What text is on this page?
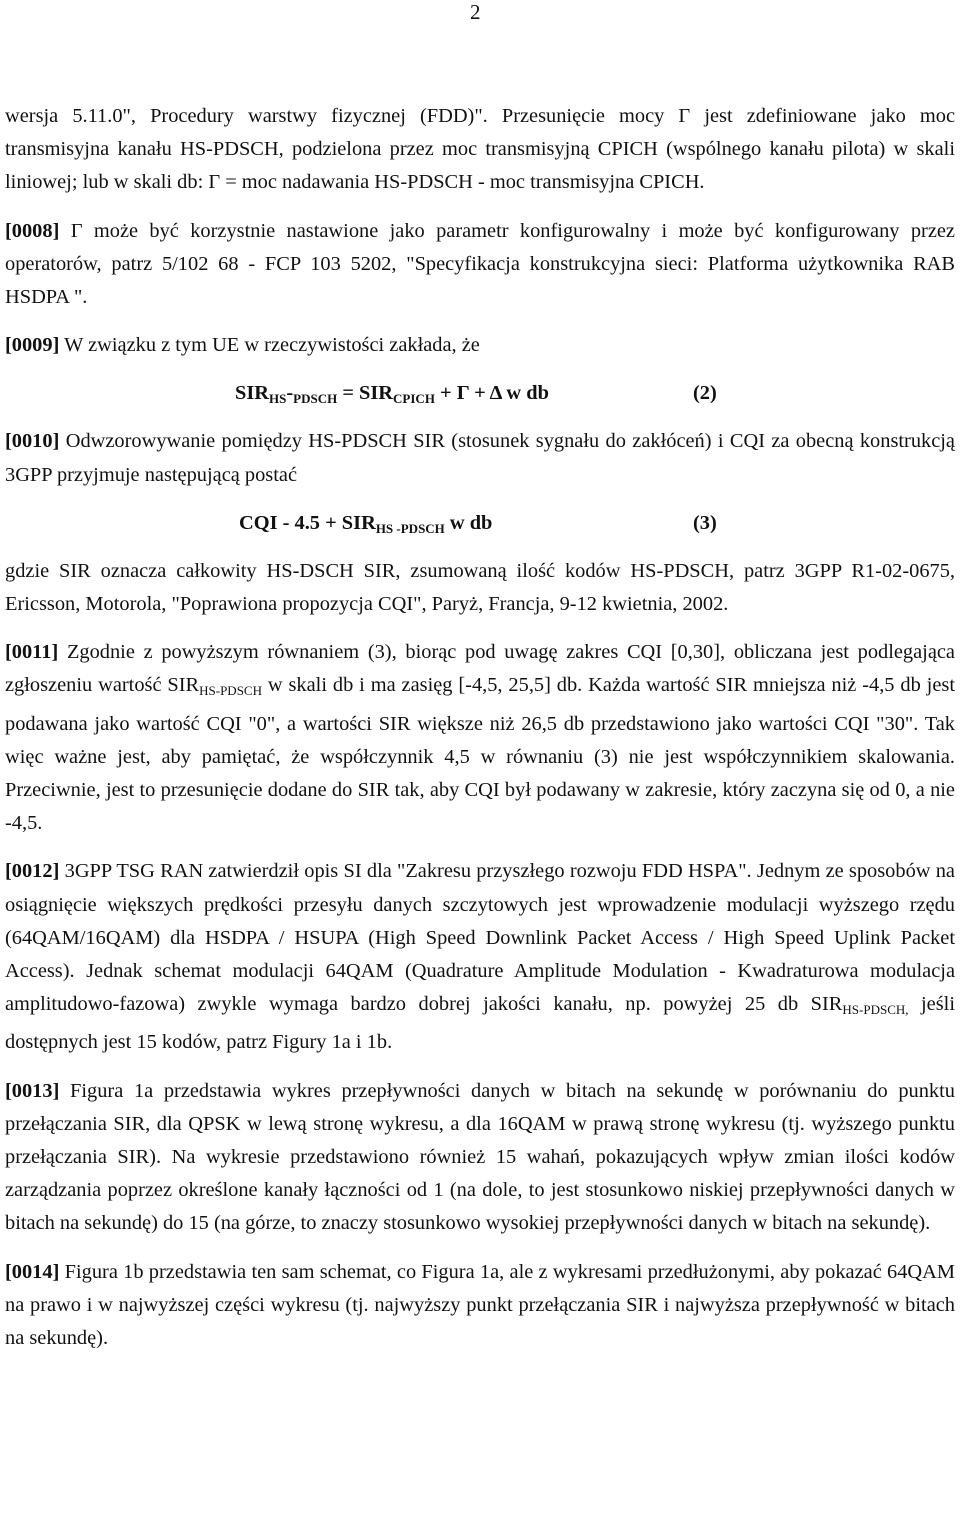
2

wersja 5.11.0", Procedury warstwy fizycznej (FDD)". Przesunięcie mocy Γ jest zdefiniowane jako moc transmisyjna kanału HS-PDSCH, podzielona przez moc transmisyjną CPICH (wspólnego kanału pilota) w skali liniowej; lub w skali db: Γ = moc nadawania HS-PDSCH - moc transmisyjna CPICH.

[0008] Γ może być korzystnie nastawione jako parametr konfigurowalny i może być konfigurowany przez operatorów, patrz 5/102 68 - FCP 103 5202, "Specyfikacja konstrukcyjna sieci: Platforma użytkownika RAB HSDPA ".

[0009] W związku z tym UE w rzeczywistości zakłada, że

$SIR_{HS}-_{PDSCH} = SIR_{CPICH} + \Gamma + \Delta$ w db	(2)

[0010] Odwzorowywanie pomiędzy HS-PDSCH SIR (stosunek sygnału do zakłóceń) i CQI za obecną konstrukcją 3GPP przyjmuje następującą postać

CQI - $4.5 + SIR_{HS -PDSCH}$ w db	(3)

gdzie SIR oznacza całkowity HS-DSCH SIR, zsumowaną ilość kodów HS-PDSCH, patrz 3GPP R1-02-0675, Ericsson, Motorola, "Poprawiona propozycja CQI", Paryż, Francja, 9-12 kwietnia, 2002.

[0011] Zgodnie z powyższym równaniem (3), biorąc pod uwagę zakres CQI [0,30], obliczana jest podlegająca zgłoszeniu wartość SIRHS-PDSCH w skali db i ma zasięg [-4,5, 25,5] db. Każda wartość SIR mniejsza niż -4,5 db jest podawana jako wartość CQI "0", a wartości SIR większe niż 26,5 db przedstawiono jako wartości CQI "30". Tak więc ważne jest, aby pamiętać, że współczynnik 4,5 w równaniu (3) nie jest współczynnikiem skalowania. Przeciwnie, jest to przesunięcie dodane do SIR tak, aby CQI był podawany w zakresie, który zaczyna się od 0, a nie -4,5.

[0012] 3GPP TSG RAN zatwierdził opis SI dla "Zakresu przyszłego rozwoju FDD HSPA". Jednym ze sposobów na osiągnięcie większych prędkości przesyłu danych szczytowych jest wprowadzenie modulacji wyższego rzędu (64QAM/16QAM) dla HSDPA / HSUPA (High Speed Downlink Packet Access / High Speed Uplink Packet Access). Jednak schemat modulacji 64QAM (Quadrature Amplitude Modulation - Kwadraturowa modulacja amplitudowo-fazowa) zwykle wymaga bardzo dobrej jakości kanału, np. powyżej 25 db SIRHS-PDSCH, jeśli dostępnych jest 15 kodów, patrz Figury 1a i 1b.

[0013] Figura 1a przedstawia wykres przepływności danych w bitach na sekundę w porównaniu do punktu przełączania SIR, dla QPSK w lewą stronę wykresu, a dla 16QAM w prawą stronę wykresu (tj. wyższego punktu przełączania SIR). Na wykresie przedstawiono również 15 wahań, pokazujących wpływ zmian ilości kodów zarządzania poprzez określone kanały łączności od 1 (na dole, to jest stosunkowo niskiej przepływności danych w bitach na sekundę) do 15 (na górze, to znaczy stosunkowo wysokiej przepływności danych w bitach na sekundę).

[0014] Figura 1b przedstawia ten sam schemat, co Figura 1a, ale z wykresami przedłużonymi, aby pokazać 64QAM na prawo i w najwyższej części wykresu (tj. najwyższy punkt przełączania SIR i najwyższa przepływność w bitach na sekundę).
